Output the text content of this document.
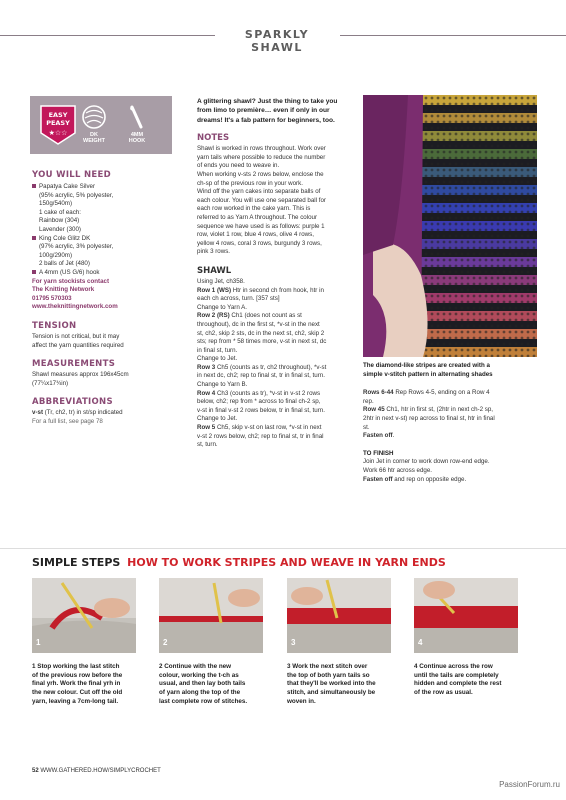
SPARKLY SHAWL
EASY
PEASY
★☆☆	DK
WEIGHT
4MM
HOOK
YOU WILL NEED
Papatya Cake Silver
(95% acrylic, 5% polyester,
150g/540m)
1 cake of each:
Rainbow (304)
Lavender (300)
King Cole Glitz DK
(97% acrylic, 3% polyester,
100g/290m)
2 balls of Jet (480)
A 4mm (US G/6) hook
For yarn stockists contact
The Knitting Network
01795 570303
www.theknittingnetwork.com
TENSION
Tension is not critical, but it may
affect the yarn quantities required
MEASUREMENTS
Shawl measures approx 196x45cm
(77¼x17¾in)
ABBREVIATIONS
v-st (Tr, ch2, tr) in st/sp indicated
For a full list, see page 78
A glittering shawl? Just the thing to take you
from limo to première… even if only in our
dreams! It's a fab pattern for beginners, too.
NOTES
Shawl is worked in rows throughout. Work over
yarn tails where possible to reduce the number
of ends you need to weave in.
When working v-sts 2 rows below, enclose the
ch-sp of the previous row in your work.
Wind off the yarn cakes into separate balls of
each colour. You will use one separated ball for
each row worked in the cake yarn. This is
referred to as Yarn A throughout. The colour
sequence we have used is as follows: purple 1
row, violet 1 row, blue 4 rows, olive 4 rows,
yellow 4 rows, coral 3 rows, burgundy 3 rows,
pink 3 rows.
SHAWL
Using Jet, ch358.
Row 1 (WS) Htr in second ch from hook, htr in
each ch across, turn. [357 sts]
Change to Yarn A.
Row 2 (RS) Ch1 (does not count as st
throughout), dc in the first st, *v-st in the next
st, ch2, skip 2 sts, dc in the next st, ch2, skip 2
sts; rep from * 58 times more, v-st in next st, dc
in final st, turn.
Change to Jet.
Row 3 Ch5 (counts as tr, ch2 throughout), *v-st
in next dc, ch2; rep to final st, tr in final st, turn.
Change to Yarn B.
Row 4 Ch3 (counts as tr), *v-st in v-st 2 rows
below, ch2; rep from * across to final ch-2 sp,
v-st in final v-st 2 rows below, tr in final st, turn.
Change to Jet.
Row 5 Ch5, skip v-st on last row, *v-st in next
v-st 2 rows below, ch2; rep to final st, tr in final
st, turn.
The diamond-like stripes are created with a
simple v-stitch pattern in alternating shades
Rows 6-44 Rep Rows 4-5, ending on a Row 4
rep.
Row 45 Ch1, htr in first st, (2htr in next ch-2 sp,
2htr in next v-st) rep across to final st, htr in final
st.
Fasten off.
TO FINISH
Join Jet in corner to work down row-end edge.
Work 66 htr across edge.
Fasten off and rep on opposite edge.
SIMPLE STEPS HOW TO WORK STRIPES AND WEAVE IN YARN ENDS
1	2	3	4
1 Stop working the last stitch
of the previous row before the
final yrh. Work the final yrh in
the new colour. Cut off the old
yarn, leaving a 7cm-long tail.
2 Continue with the new
colour, working the t-ch as
usual, and then lay both tails
of yarn along the top of the
last complete row of stitches.
3 Work the next stitch over
the top of both yarn tails so
that they'll be worked into the
stitch, and simultaneously be
woven in.
4 Continue across the row
until the tails are completely
hidden and complete the rest
of the row as usual.
52 WWW.GATHERED.HOW/SIMPLYCROCHET
PassionForum.ru
